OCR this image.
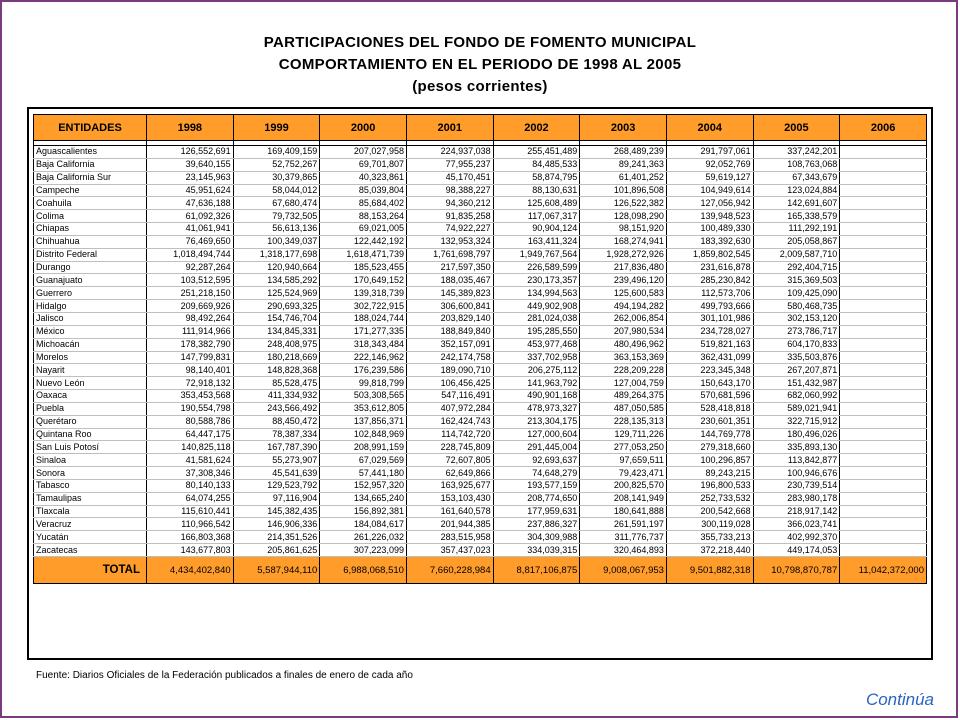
PARTICIPACIONES DEL FONDO DE FOMENTO MUNICIPAL
COMPORTAMIENTO EN EL PERIODO DE 1998 AL 2005
(pesos corrientes)
ENTIDADES	1998	1999	2000	2001	2002	2003	2004	2005	2006

Aguascalientes	126,552,691	169,409,159	207,027,958	224,937,038	255,451,489	268,489,239	291,797,061	337,242,201	
Baja California	39,640,155	52,752,267	69,701,807	77,955,237	84,485,533	89,241,363	92,052,769	108,763,068	
Baja California Sur	23,145,963	30,379,865	40,323,861	45,170,451	58,874,795	61,401,252	59,619,127	67,343,679	
Campeche	45,951,624	58,044,012	85,039,804	98,388,227	88,130,631	101,896,508	104,949,614	123,024,884	
Coahuila	47,636,188	67,680,474	85,684,402	94,360,212	125,608,489	126,522,382	127,056,942	142,691,607	
Colima	61,092,326	79,732,505	88,153,264	91,835,258	117,067,317	128,098,290	139,948,523	165,338,579	
Chiapas	41,061,941	56,613,136	69,021,005	74,922,227	90,904,124	98,151,920	100,489,330	111,292,191	
Chihuahua	76,469,650	100,349,037	122,442,192	132,953,324	163,411,324	168,274,941	183,392,630	205,058,867	
Distrito Federal	1,018,494,744	1,318,177,698	1,618,471,739	1,761,698,797	1,949,767,564	1,928,272,926	1,859,802,545	2,009,587,710	
Durango	92,287,264	120,940,664	185,523,455	217,597,350	226,589,599	217,836,480	231,616,878	292,404,715	
Guanajuato	103,512,595	134,585,292	170,649,152	188,035,467	230,173,357	239,496,120	285,230,842	315,369,503	
Guerrero	251,218,150	125,524,969	139,318,739	145,389,823	134,994,563	125,600,583	112,573,706	109,425,090	
Hidalgo	209,669,926	290,693,325	302,722,915	306,600,841	449,902,908	494,194,282	499,793,666	580,468,735	
Jalisco	98,492,264	154,746,704	188,024,744	203,829,140	281,024,038	262,006,854	301,101,986	302,153,120	
México	111,914,966	134,845,331	171,277,335	188,849,840	195,285,550	207,980,534	234,728,027	273,786,717	
Michoacán	178,382,790	248,408,975	318,343,484	352,157,091	453,977,468	480,496,962	519,821,163	604,170,833	
Morelos	147,799,831	180,218,669	222,146,962	242,174,758	337,702,958	363,153,369	362,431,099	335,503,876	
Nayarit	98,140,401	148,828,368	176,239,586	189,090,710	206,275,112	228,209,228	223,345,348	267,207,871	
Nuevo León	72,918,132	85,528,475	99,818,799	106,456,425	141,963,792	127,004,759	150,643,170	151,432,987	
Oaxaca	353,453,568	411,334,932	503,308,565	547,116,491	490,901,168	489,264,375	570,681,596	682,060,992	
Puebla	190,554,798	243,566,492	353,612,805	407,972,284	478,973,327	487,050,585	528,418,818	589,021,941	
Querétaro	80,588,786	88,450,472	137,856,371	162,424,743	213,304,175	228,135,313	230,601,351	322,715,912	
Quintana Roo	64,447,175	78,387,334	102,848,969	114,742,720	127,000,604	129,711,226	144,769,778	180,496,026	
San Luis Potosí	140,825,118	167,787,390	208,991,159	228,745,809	291,445,004	277,053,250	279,318,660	335,893,130	
Sinaloa	41,581,624	55,273,907	67,029,569	72,607,805	92,693,637	97,659,511	100,296,857	113,842,877	
Sonora	37,308,346	45,541,639	57,441,180	62,649,866	74,648,279	79,423,471	89,243,215	100,946,676	
Tabasco	80,140,133	129,523,792	152,957,320	163,925,677	193,577,159	200,825,570	196,800,533	230,739,514	
Tamaulipas	64,074,255	97,116,904	134,665,240	153,103,430	208,774,650	208,141,949	252,733,532	283,980,178	
Tlaxcala	115,610,441	145,382,435	156,892,381	161,640,578	177,959,631	180,641,888	200,542,668	218,917,142	
Veracruz	110,966,542	146,906,336	184,084,617	201,944,385	237,886,327	261,591,197	300,119,028	366,023,741	
Yucatán	166,803,368	214,351,526	261,226,032	283,515,958	304,309,988	311,776,737	355,733,213	402,992,370	
Zacatecas	143,677,803	205,861,625	307,223,099	357,437,023	334,039,315	320,464,893	372,218,440	449,174,053	
TOTAL	4,434,402,840	5,587,944,110	6,988,068,510	7,660,228,984	8,817,106,875	9,008,067,953	9,501,882,318	10,798,870,787	11,042,372,000
Fuente: Diarios Oficiales de la Federación publicados a finales de enero de cada año
Continúa
